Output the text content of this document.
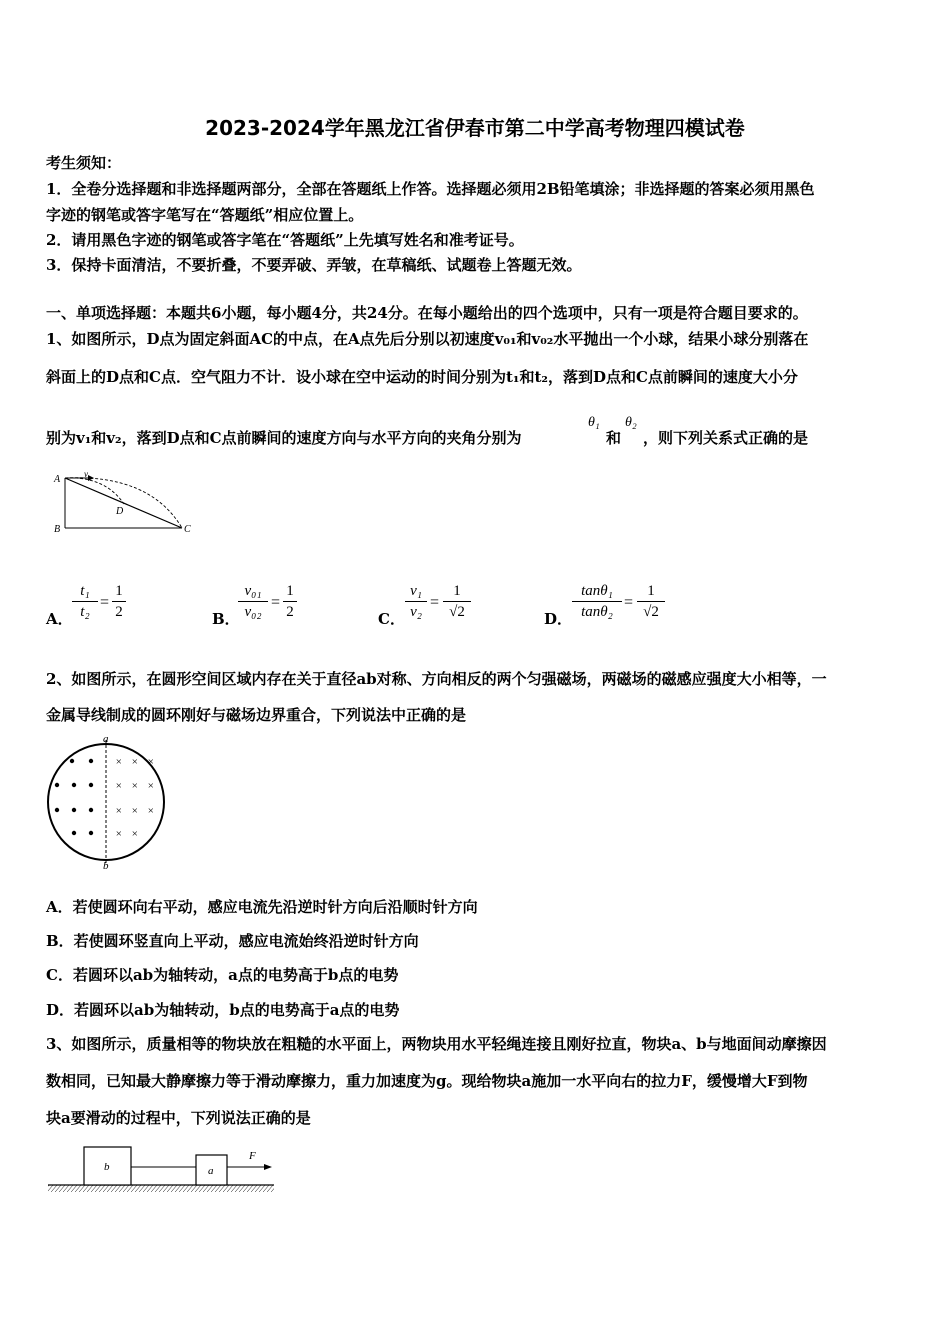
2023-2024学年黑龙江省伊春市第二中学高考物理四模试卷
考生须知：
1．全卷分选择题和非选择题两部分，全部在答题纸上作答。选择题必须用2B铅笔填涂；非选择题的答案必须用黑色
字迹的钢笔或答字笔写在“答题纸”相应位置上。
2．请用黑色字迹的钢笔或答字笔在“答题纸”上先填写姓名和准考证号。
3．保持卡面清洁，不要折叠，不要弄破、弄皱，在草稿纸、试题卷上答题无效。
一、单项选择题：本题共6小题，每小题4分，共24分。在每小题给出的四个选项中，只有一项是符合题目要求的。
1、如图所示，D点为固定斜面AC的中点，在A点先后分别以初速度v₀₁和v₀₂水平抛出一个小球，结果小球分别落在
斜面上的D点和C点．空气阻力不计．设小球在空中运动的时间分别为t₁和t₂，落到D点和C点前瞬间的速度大小分
别为v₁和v₂，落到D点和C点前瞬间的速度方向与水平方向的夹角分别为
θ₁
和
θ₂
，则下列关系式正确的是
A
B	C
D
v
A．
t₁
t₂
=
1
2	B．
v₀₁
v₀₂
=
1
2	C．
v₁
v₂
=
1
√2	D．
tanθ₁
tanθ₂
=
1
√2
2、如图所示，在圆形空间区域内存在关于直径ab对称、方向相反的两个匀强磁场，两磁场的磁感应强度大小相等，一
金属导线制成的圆环刚好与磁场边界重合，下列说法中正确的是
× × ×
× × ×
× × ×
× ×
a
b
A．若使圆环向右平动，感应电流先沿逆时针方向后沿顺时针方向
B．若使圆环竖直向上平动，感应电流始终沿逆时针方向
C．若圆环以ab为轴转动，a点的电势高于b点的电势
D．若圆环以ab为轴转动，b点的电势高于a点的电势
3、如图所示，质量相等的物块放在粗糙的水平面上，两物块用水平轻绳连接且刚好拉直，物块a、b与地面间动摩擦因
数相同，已知最大静摩擦力等于滑动摩擦力，重力加速度为g。现给物块a施加一水平向右的拉力F，缓慢增大F到物
块a要滑动的过程中，下列说法正确的是
b	a
F
